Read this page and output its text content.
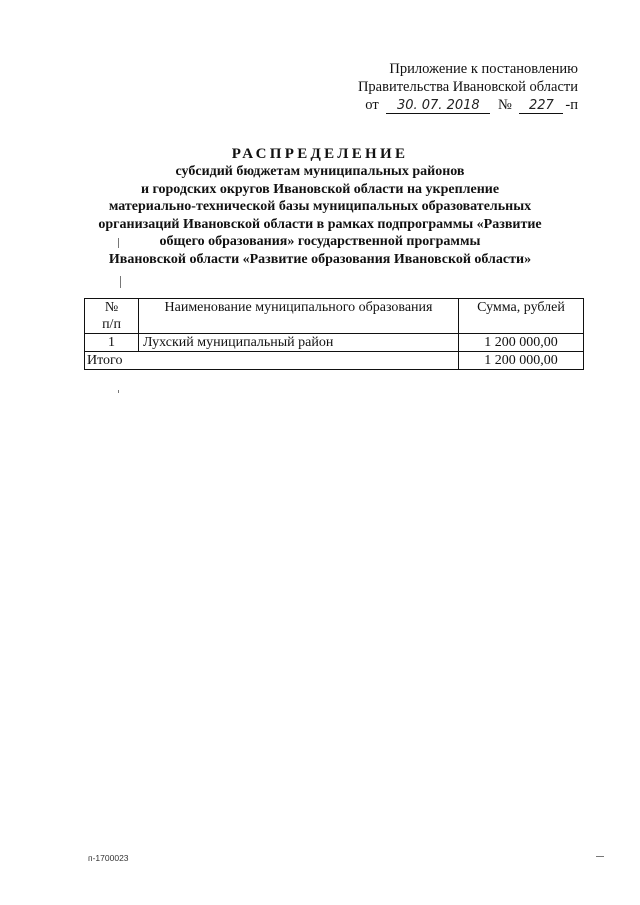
Приложение к постановлению
Правительства Ивановской области
от 30. 07. 2018 № 227 -п
РАСПРЕДЕЛЕНИЕ
субсидий бюджетам муниципальных районов
и городских округов Ивановской области на укрепление
материально-технической базы муниципальных образовательных
организаций Ивановской области в рамках подпрограммы «Развитие
общего образования» государственной программы
Ивановской области «Развитие образования Ивановской области»
№
п/п	Наименование муниципального образования	Сумма, рублей
1	Лухский муниципальный район	1 200 000,00
Итого		1 200 000,00
п-1700023
